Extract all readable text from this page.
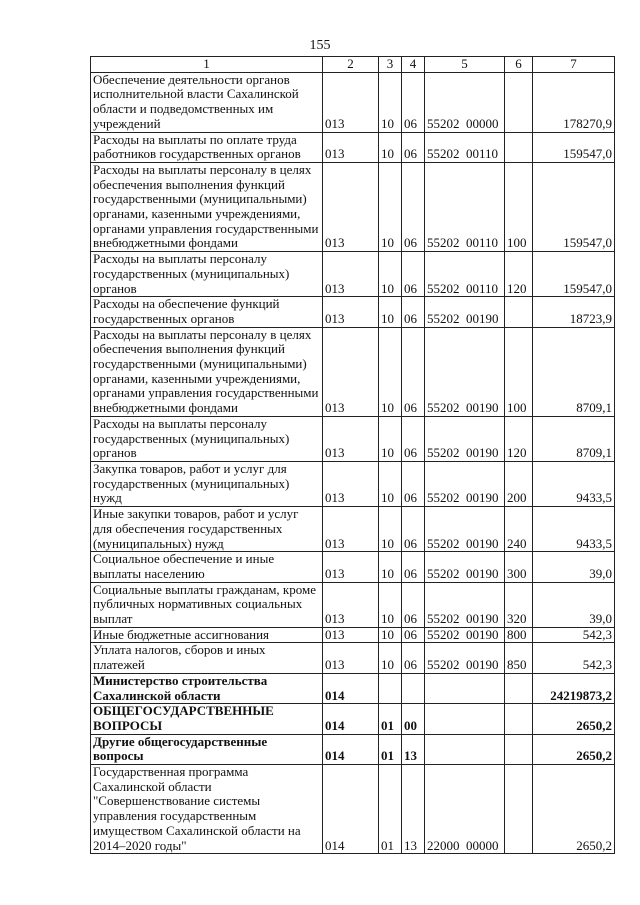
155
1	2	3	4	5	6	7
Обеспечение деятельности органов исполнительной власти Сахалинской области и подведомственных им учреждений	013	10	06	55202  00000		178270,9
Расходы на выплаты по оплате труда работников государственных органов	013	10	06	55202  00110		159547,0
Расходы на выплаты персоналу в целях обеспечения выполнения функций государственными (муниципальными) органами, казенными учреждениями, органами управления государственными внебюджетными фондами	013	10	06	55202  00110	100	159547,0
Расходы на выплаты персоналу государственных (муниципальных) органов	013	10	06	55202  00110	120	159547,0
Расходы на обеспечение функций государственных органов	013	10	06	55202  00190		18723,9
Расходы на выплаты персоналу в целях обеспечения выполнения функций государственными (муниципальными) органами, казенными учреждениями, органами управления государственными внебюджетными фондами	013	10	06	55202  00190	100	8709,1
Расходы на выплаты персоналу государственных (муниципальных) органов	013	10	06	55202  00190	120	8709,1
Закупка товаров, работ и услуг для государственных (муниципальных) нужд	013	10	06	55202  00190	200	9433,5
Иные закупки товаров, работ и услуг для обеспечения государственных (муниципальных) нужд	013	10	06	55202  00190	240	9433,5
Социальное обеспечение и иные выплаты населению	013	10	06	55202  00190	300	39,0
Социальные выплаты гражданам, кроме публичных нормативных социальных выплат	013	10	06	55202  00190	320	39,0
Иные бюджетные ассигнования	013	10	06	55202  00190	800	542,3
Уплата налогов, сборов и иных платежей	013	10	06	55202  00190	850	542,3
Министерство строительства Сахалинской области	014					24219873,2
ОБЩЕГОСУДАРСТВЕННЫЕ ВОПРОСЫ	014	01	00			2650,2
Другие общегосударственные вопросы	014	01	13			2650,2
Государственная программа Сахалинской области "Совершенствование системы управления государственным имуществом Сахалинской области на 2014–2020 годы"	014	01	13	22000  00000		2650,2
